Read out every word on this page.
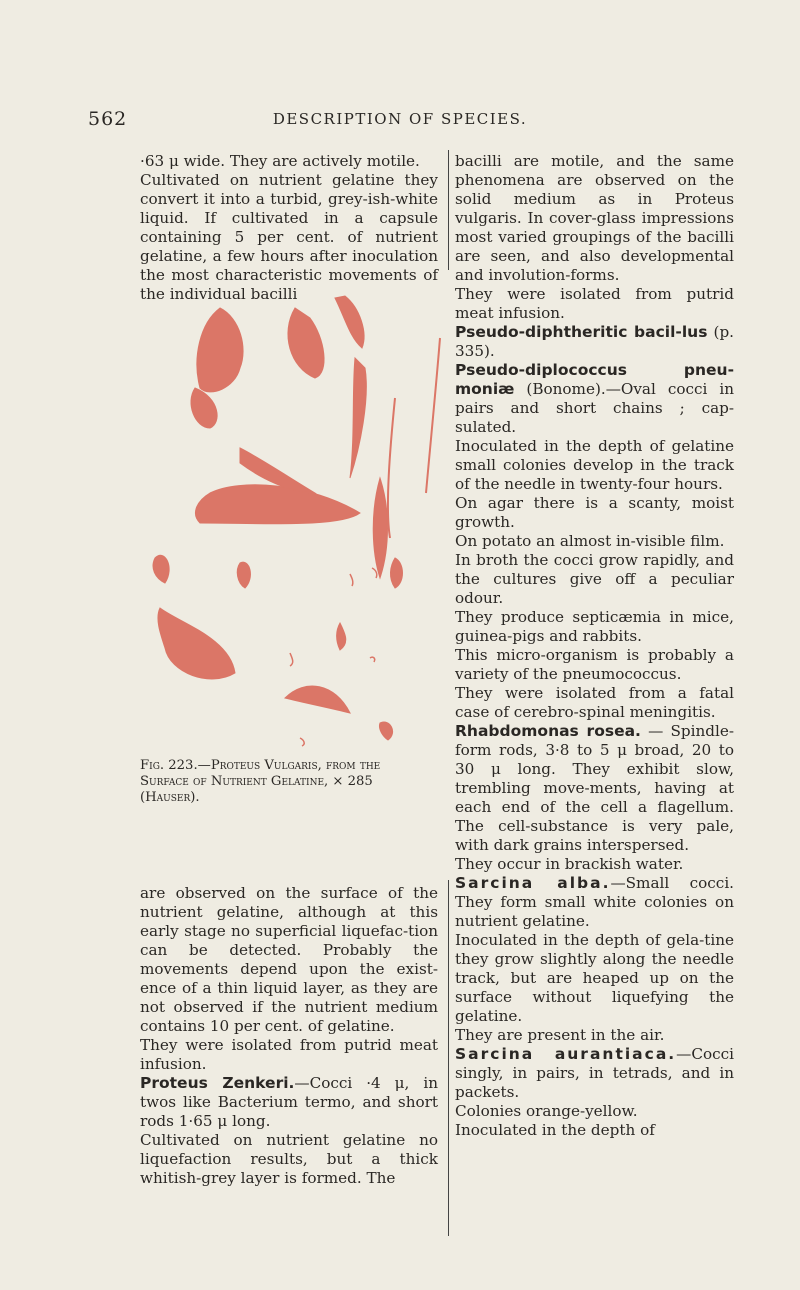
562	DESCRIPTION OF SPECIES.

·63 μ wide. They are actively motile.

Cultivated on nutrient gelatine they convert it into a turbid, grey-ish-white liquid. If cultivated in a capsule containing 5 per cent. of nutrient gelatine, a few hours after inoculation the most characteristic movements of the individual bacilli

Fig. 223.—Proteus Vulgaris, from the
Surface of Nutrient Gelatine, × 285
(Hauser).

are observed on the surface of the nutrient gelatine, although at this early stage no superficial liquefac-tion can be detected. Probably the movements depend upon the exist-ence of a thin liquid layer, as they are not observed if the nutrient medium contains 10 per cent. of gelatine.

They were isolated from putrid meat infusion.

Proteus Zenkeri.—Cocci ·4 μ, in twos like Bacterium termo, and short rods 1·65 μ long.

Cultivated on nutrient gelatine no liquefaction results, but a thick whitish-grey layer is formed. The

bacilli are motile, and the same phenomena are observed on the solid medium as in Proteus vulgaris. In cover-glass impressions most varied groupings of the bacilli are seen, and also developmental and involution-forms.

They were isolated from putrid meat infusion.

Pseudo-diphtheritic bacil-lus (p. 335).

Pseudo-diplococcus pneu-moniæ (Bonome).—Oval cocci in pairs and short chains ; cap-sulated.

Inoculated in the depth of gelatine small colonies develop in the track of the needle in twenty-four hours.

On agar there is a scanty, moist growth.

On potato an almost in-visible film.

In broth the cocci grow rapidly, and the cultures give off a peculiar odour.

They produce septicæmia in mice, guinea-pigs and rabbits.

This micro-organism is probably a variety of the pneumococcus.

They were isolated from a fatal case of cerebro-spinal meningitis.

Rhabdomonas rosea. — Spindle-form rods, 3·8 to 5 μ broad, 20 to 30 μ long. They exhibit slow, trembling move-ments, having at each end of the cell a flagellum. The cell-substance is very pale, with dark grains interspersed.

They occur in brackish water.

Sarcina alba.—Small cocci. They form small white colonies on nutrient gelatine.

Inoculated in the depth of gela-tine they grow slightly along the needle track, but are heaped up on the surface without liquefying the gelatine.

They are present in the air.

Sarcina aurantiaca.—Cocci singly, in pairs, in tetrads, and in packets.

Colonies orange-yellow.

Inoculated in the depth of
